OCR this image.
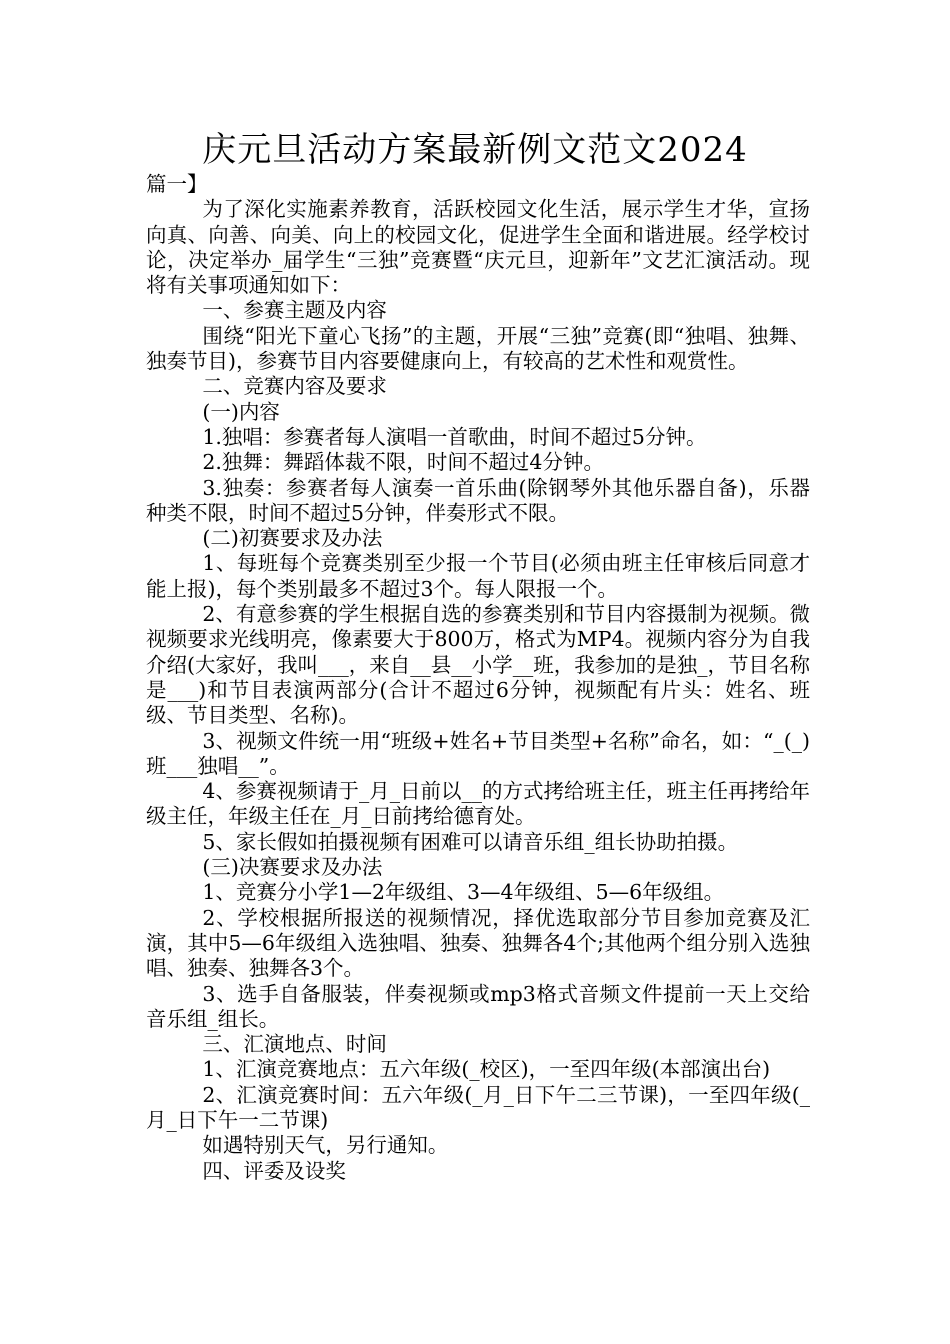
庆元旦活动方案最新例文范文2024

篇一】

为了深化实施素养教育，活跃校园文化生活，展示学生才华，宣扬向真、向善、向美、向上的校园文化，促进学生全面和谐进展。经学校讨论，决定举办_届学生“三独”竞赛暨“庆元旦，迎新年”文艺汇演活动。现将有关事项通知如下：

一、参赛主题及内容

围绕“阳光下童心飞扬”的主题，开展“三独”竞赛(即“独唱、独舞、独奏节目)，参赛节目内容要健康向上，有较高的艺术性和观赏性。

二、竞赛内容及要求

(一)内容

1.独唱：参赛者每人演唱一首歌曲，时间不超过5分钟。

2.独舞：舞蹈体裁不限，时间不超过4分钟。

3.独奏：参赛者每人演奏一首乐曲(除钢琴外其他乐器自备)，乐器种类不限，时间不超过5分钟，伴奏形式不限。

(二)初赛要求及办法

1、每班每个竞赛类别至少报一个节目(必须由班主任审核后同意才能上报)，每个类别最多不超过3个。每人限报一个。

2、有意参赛的学生根据自选的参赛类别和节目内容摄制为视频。微视频要求光线明亮，像素要大于800万，格式为MP4。视频内容分为自我介绍(大家好，我叫___，来自__县__小学__班，我参加的是独_，节目名称是___)和节目表演两部分(合计不超过6分钟，视频配有片头：姓名、班级、节目类型、名称)。

3、视频文件统一用“班级+姓名+节目类型+名称”命名，如：“_(_)班___独唱__”。

4、参赛视频请于_月_日前以__的方式拷给班主任，班主任再拷给年级主任，年级主任在_月_日前拷给德育处。

5、家长假如拍摄视频有困难可以请音乐组_组长协助拍摄。

(三)决赛要求及办法

1、竞赛分小学1—2年级组、3—4年级组、5—6年级组。

2、学校根据所报送的视频情况，择优选取部分节目参加竞赛及汇演，其中5—6年级组入选独唱、独奏、独舞各4个;其他两个组分别入选独唱、独奏、独舞各3个。

3、选手自备服装，伴奏视频或mp3格式音频文件提前一天上交给音乐组_组长。

三、汇演地点、时间

1、汇演竞赛地点：五六年级(_校区)，一至四年级(本部演出台)

2、汇演竞赛时间：五六年级(_月_日下午二三节课)，一至四年级(_月_日下午一二节课)

如遇特别天气，另行通知。

四、评委及设奖
